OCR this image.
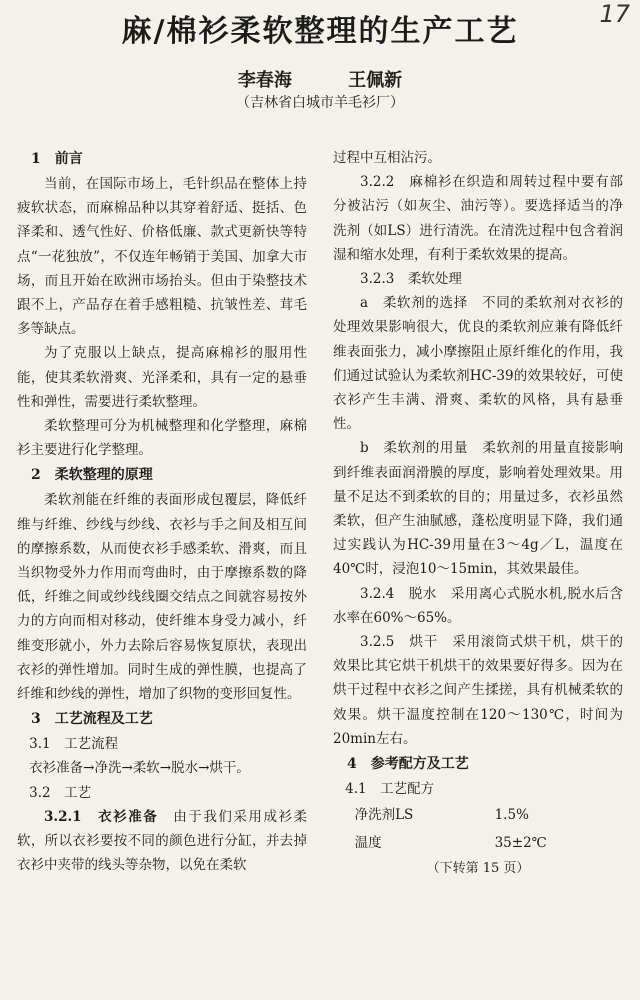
麻/棉衫柔软整理的生产工艺	17
李春海	王佩新
（吉林省白城市羊毛衫厂）
1　前言

当前，在国际市场上，毛针织品在整体上持疲软状态，而麻棉品种以其穿着舒适、挺括、色泽柔和、透气性好、价格低廉、款式更新快等特点“一花独放”，不仅连年畅销于美国、加拿大市场，而且开始在欧洲市场抬头。但由于染整技术跟不上，产品存在着手感粗糙、抗皱性差、茸毛多等缺点。

为了克服以上缺点，提高麻棉衫的服用性能，使其柔软滑爽、光泽柔和，具有一定的悬垂性和弹性，需要进行柔软整理。

柔软整理可分为机械整理和化学整理，麻棉衫主要进行化学整理。

2　柔软整理的原理

柔软剂能在纤维的表面形成包覆层，降低纤维与纤维、纱线与纱线、衣衫与手之间及相互间的摩擦系数，从而使衣衫手感柔软、滑爽，而且当织物受外力作用而弯曲时，由于摩擦系数的降低，纤维之间或纱线线圈交结点之间就容易按外力的方向而相对移动，使纤维本身受力减小，纤维变形就小，外力去除后容易恢复原状，表现出衣衫的弹性增加。同时生成的弹性膜，也提高了纤维和纱线的弹性，增加了织物的变形回复性。

3　工艺流程及工艺
3.1　工艺流程
衣衫准备→净洗→柔软→脱水→烘干。
3.2　工艺

3.2.1　衣衫准备　 由于我们采用成衫柔软，所以衣衫要按不同的颜色进行分缸，并去掉衣衫中夹带的线头等杂物，以免在柔软

过程中互相沾污。

3.2.2　麻棉衫在织造和周转过程中要有部分被沾污（如灰尘、油污等）。要选择适当的净洗剂（如LS）进行清洗。在清洗过程中包含着润湿和缩水处理，有利于柔软效果的提高。

3.2.3　柔软处理

a　柔软剂的选择　 不同的柔软剂对衣衫的处理效果影响很大，优良的柔软剂应兼有降低纤维表面张力，减小摩擦阻止原纤维化的作用，我们通过试验认为柔软剂HC-39的效果较好，可使衣衫产生丰满、滑爽、柔软的风格，具有悬垂性。

b　柔软剂的用量　 柔软剂的用量直接影响到纤维表面润滑膜的厚度，影响着处理效果。用量不足达不到柔软的目的；用量过多，衣衫虽然柔软，但产生油腻感，蓬松度明显下降，我们通过实践认为HC-39用量在3～4g／L，温度在40℃时，浸泡10～15min，其效果最佳。

3.2.4　脱水　采用离心式脱水机,脱水后含水率在60%～65%。

3.2.5　烘干　采用滚筒式烘干机，烘干的效果比其它烘干机烘干的效果要好得多。因为在烘干过程中衣衫之间产生揉搓，具有机械柔软的效果。烘干温度控制在120～130℃，时间为20min左右。

4　参考配方及工艺
4.1　工艺配方
净洗剂LS	1.5%
温度	35±2℃
（下转第 15 页）
